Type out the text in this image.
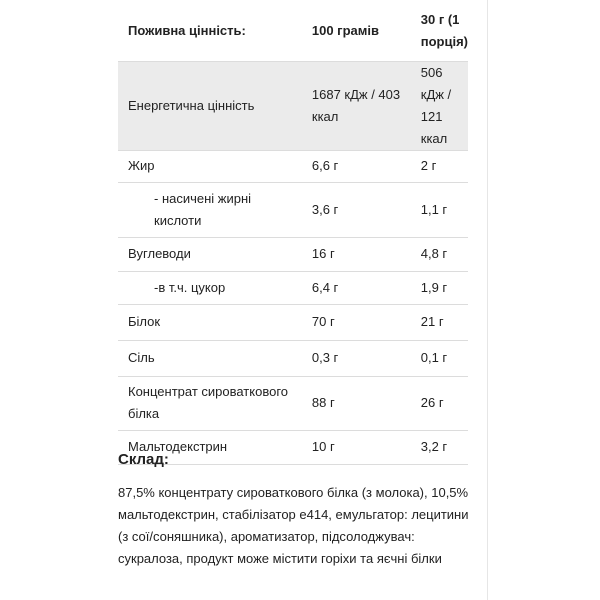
Поживна цінність:	100 грамів	30 г (1 порція)
Енергетична цінність	1687 кДж / 403 ккал	506 кДж / 121 ккал
Жир	6,6 г	2 г
- насичені жирні кислоти	3,6 г	1,1 г
Вуглеводи	16 г	4,8 г
-в т.ч. цукор	6,4 г	1,9 г
Білок	70 г	21 г
Сіль	0,3 г	0,1 г
Концентрат сироваткового білка	88 г	26 г
Мальтодекстрин	10 г	3,2 г
Склад:

87,5% концентрату сироваткового білка (з молока), 10,5% мальтодекстрин, стабілізатор е414, емульгатор: лецитини (з сої/соняшника), ароматизатор, підсолоджувач: сукралоза, продукт може містити горіхи та яєчні білки
